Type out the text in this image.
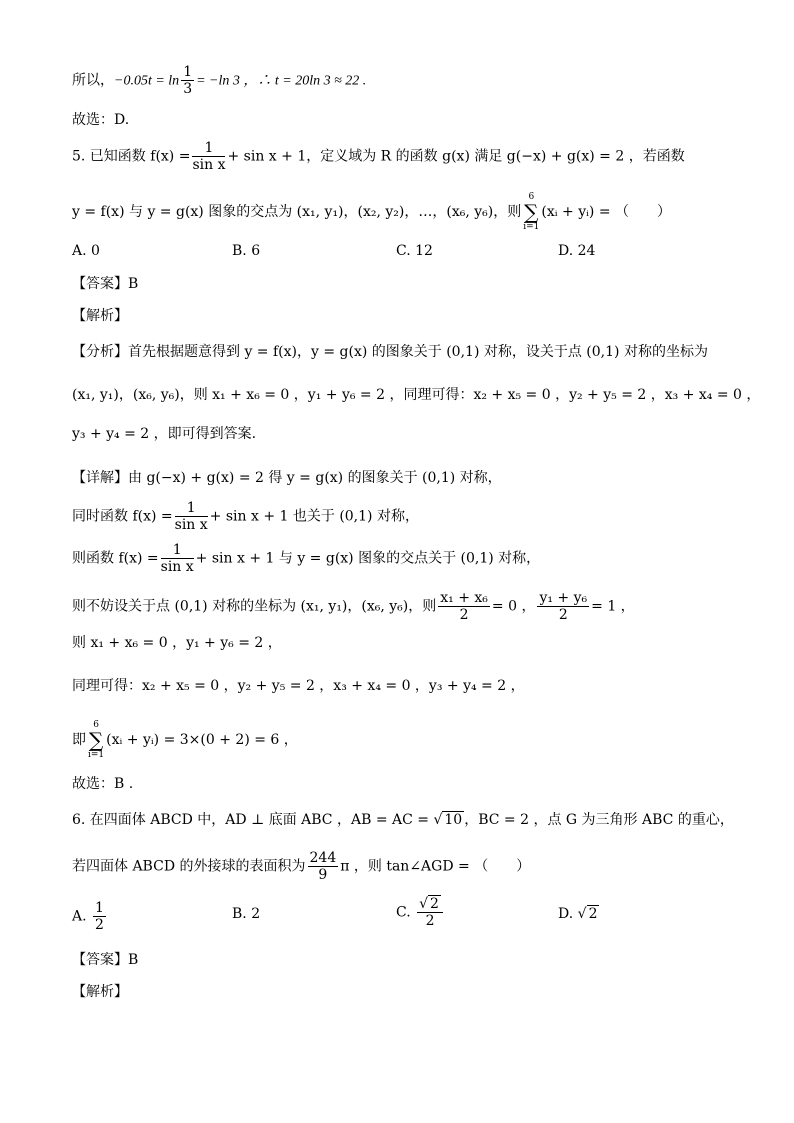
所以，$-0.05t = \ln \frac{1}{3} = -\ln$ 3 ，∴ t = 20ln 3 ≈ 22 .
故选：D.
5. 已知函数 $f(x) = \frac{1}{\text{sin x}} + \sin x + 1$，定义域为 R 的函数 g(x) 满足 g(−x) + g(x) = 2 ，若函数
y = f(x) 与 y = g(x) 图象的交点为 (x₁, y₁)，(x₂, y₂)，…，(x₆, y₆)，则
6
∑
i=1
(xᵢ + yᵢ) = （　　）
A. 0	B. 6	C. 12	D. 24
【答案】B
【解析】
【分析】首先根据题意得到 y = f(x)，y = g(x) 的图象关于 (0,1) 对称，设关于点 (0,1) 对称的坐标为
(x₁, y₁)，(x₆, y₆)，则 x₁ + x₆ = 0 ，y₁ + y₆ = 2 ，同理可得：x₂ + x₅ = 0 ，y₂ + y₅ = 2 ，x₃ + x₄ = 0 ，
y₃ + y₄ = 2 ，即可得到答案.
【详解】由 g(−x) + g(x) = 2 得 y = g(x) 的图象关于 (0,1) 对称，
同时函数 $f(x) = \frac{1}{\text{sin x}} + \sin x + 1$ 也关于 (0,1) 对称，
则函数 $f(x) = \frac{1}{\text{sin x}} + \sin x + 1$ 与 y = g(x) 图象的交点关于 (0,1) 对称，
则不妨设关于点 (0,1) 对称的坐标为 (x₁, y₁)，(x₆, y₆)，则 $\frac{\text{x₁ + x₆}}{2} = 0$ ， $\frac{\text{y₁ + y₆}}{2} = 1$ ，
则 x₁ + x₆ = 0 ，y₁ + y₆ = 2 ，
同理可得：x₂ + x₅ = 0 ，y₂ + y₅ = 2 ，x₃ + x₄ = 0 ，y₃ + y₄ = 2 ，
即
6
∑
i=1
(xᵢ + yᵢ) = 3×(0 + 2) = 6 ，
故选：B .
6. 在四面体 ABCD 中，AD ⊥ 底面 ABC ，AB = AC = √ 10 ，BC = 2 ，点 G 为三角形 ABC 的重心，
若四面体 ABCD 的外接球的表面积为 $\frac{244}{9}$ π ，则 tan∠AGD = （　　）
A. $\frac{1}{2}$	B. 2	C. $\frac{√ 2}{2}$	D. √ 2
【答案】B
【解析】
